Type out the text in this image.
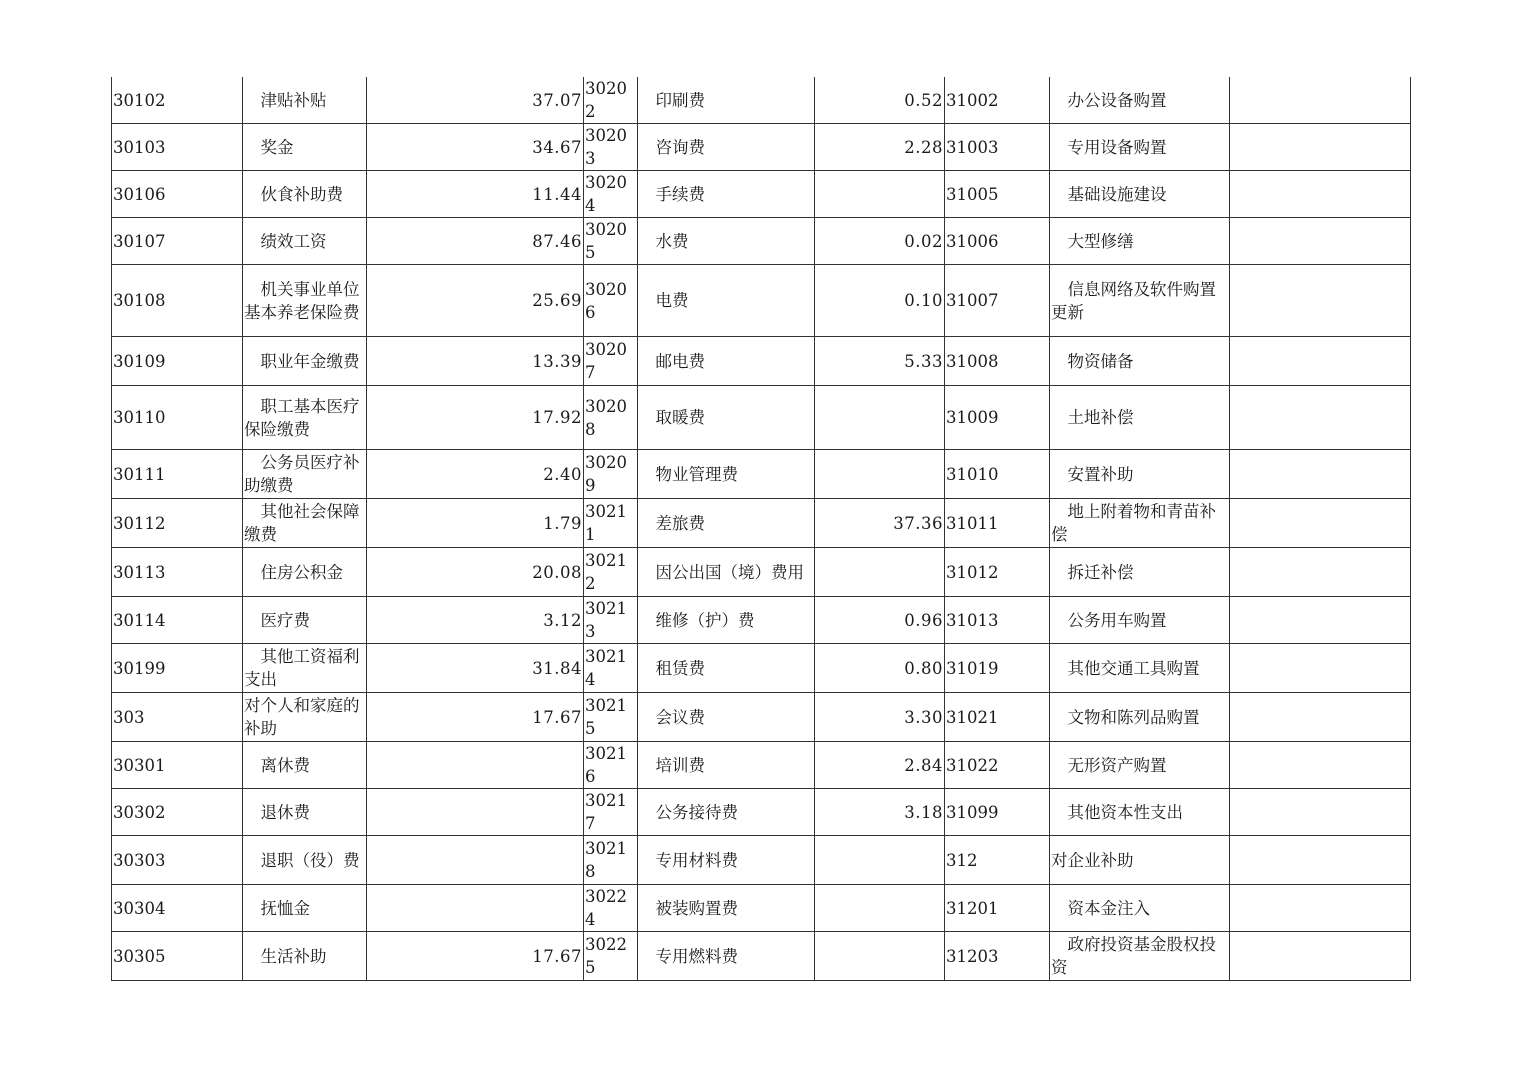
30102	　津贴补贴	37.07	30202	　印刷费	0.52	31002	　办公设备购置	
30103	　奖金	34.67	30203	　咨询费	2.28	31003	　专用设备购置	
30106	　伙食补助费	11.44	30204	　手续费		31005	　基础设施建设	
30107	　绩效工资	87.46	30205	　水费	0.02	31006	　大型修缮	
30108	　机关事业单位基本养老保险费	25.69	30206	　电费	0.10	31007	　信息网络及软件购置更新	
30109	　职业年金缴费	13.39	30207	　邮电费	5.33	31008	　物资储备	
30110	　职工基本医疗保险缴费	17.92	30208	　取暖费		31009	　土地补偿	
30111	　公务员医疗补助缴费	2.40	30209	　物业管理费		31010	　安置补助	
30112	　其他社会保障缴费	1.79	30211	　差旅费	37.36	31011	　地上附着物和青苗补偿	
30113	　住房公积金	20.08	30212	　因公出国（境）费用		31012	　拆迁补偿	
30114	　医疗费	3.12	30213	　维修（护）费	0.96	31013	　公务用车购置	
30199	　其他工资福利支出	31.84	30214	　租赁费	0.80	31019	　其他交通工具购置	
303	对个人和家庭的补助	17.67	30215	　会议费	3.30	31021	　文物和陈列品购置	
30301	　离休费		30216	　培训费	2.84	31022	　无形资产购置	
30302	　退休费		30217	　公务接待费	3.18	31099	　其他资本性支出	
30303	　退职（役）费		30218	　专用材料费		312	对企业补助	
30304	　抚恤金		30224	　被装购置费		31201	　资本金注入	
30305	　生活补助	17.67	30225	　专用燃料费		31203	　政府投资基金股权投资	
